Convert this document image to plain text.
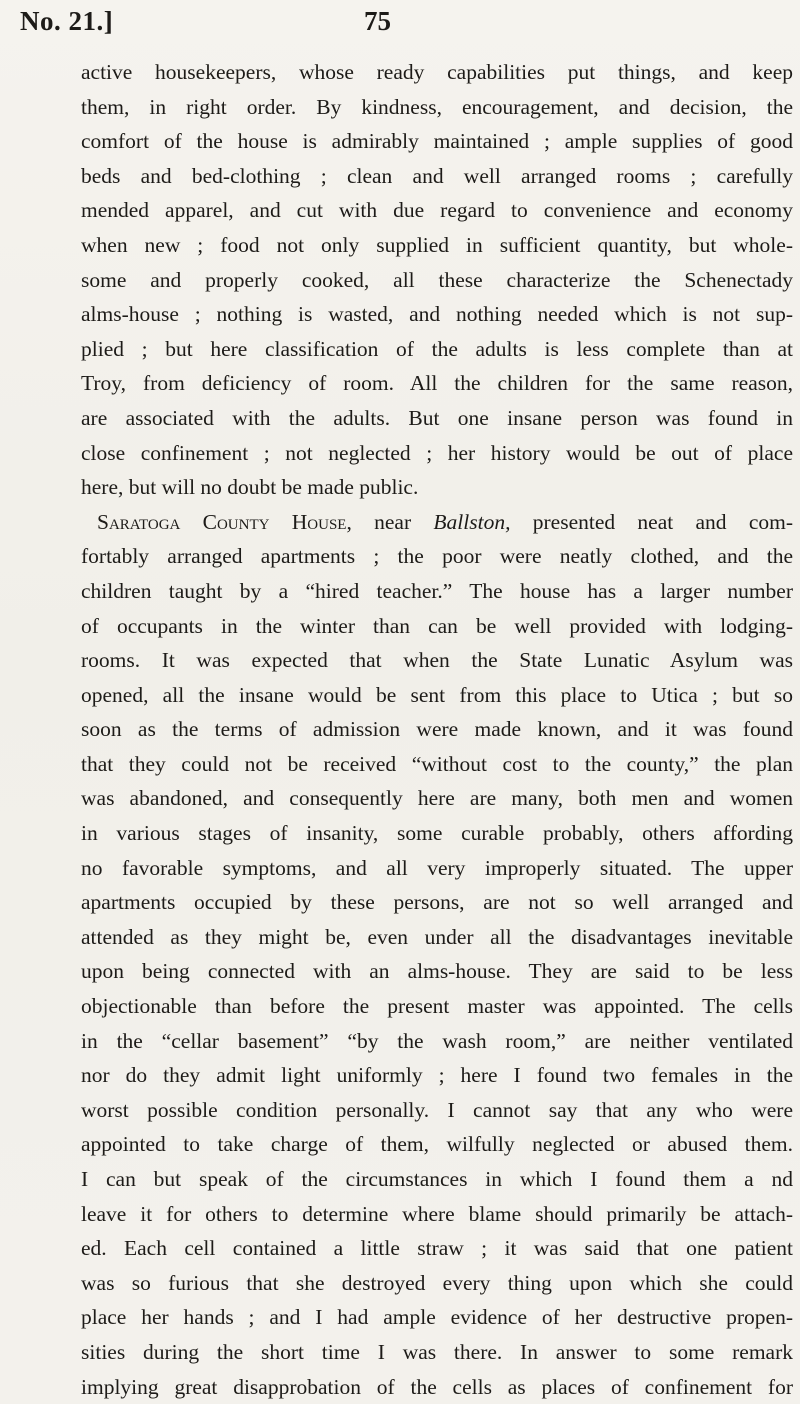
No. 21.]	75
active housekeepers, whose ready capabilities put things, and keep
them, in right order. By kindness, encouragement, and decision, the
comfort of the house is admirably maintained ; ample supplies of good
beds and bed-clothing ; clean and well arranged rooms ; carefully
mended apparel, and cut with due regard to convenience and economy
when new ; food not only supplied in sufficient quantity, but whole-
some and properly cooked, all these characterize the Schenectady
alms-house ; nothing is wasted, and nothing needed which is not sup-
plied ; but here classification of the adults is less complete than at
Troy, from deficiency of room. All the children for the same reason,
are associated with the adults. But one insane person was found in
close confinement ; not neglected ; her history would be out of place
here, but will no doubt be made public.
Saratoga County House, near Ballston, presented neat and com-
fortably arranged apartments ; the poor were neatly clothed, and the
children taught by a “hired teacher.” The house has a larger number
of occupants in the winter than can be well provided with lodging-
rooms. It was expected that when the State Lunatic Asylum was
opened, all the insane would be sent from this place to Utica ; but so
soon as the terms of admission were made known, and it was found
that they could not be received “without cost to the county,” the plan
was abandoned, and consequently here are many, both men and women
in various stages of insanity, some curable probably, others affording
no favorable symptoms, and all very improperly situated. The upper
apartments occupied by these persons, are not so well arranged and
attended as they might be, even under all the disadvantages inevitable
upon being connected with an alms-house. They are said to be less
objectionable than before the present master was appointed. The cells
in the “cellar basement” “by the wash room,” are neither ventilated
nor do they admit light uniformly ; here I found two females in the
worst possible condition personally. I cannot say that any who were
appointed to take charge of them, wilfully neglected or abused them.
I can but speak of the circumstances in which I found them a nd
leave it for others to determine where blame should primarily be attach-
ed. Each cell contained a little straw ; it was said that one patient
was so furious that she destroyed every thing upon which she could
place her hands ; and I had ample evidence of her destructive propen-
sities during the short time I was there. In answer to some remark
implying great disapprobation of the cells as places of confinement for
